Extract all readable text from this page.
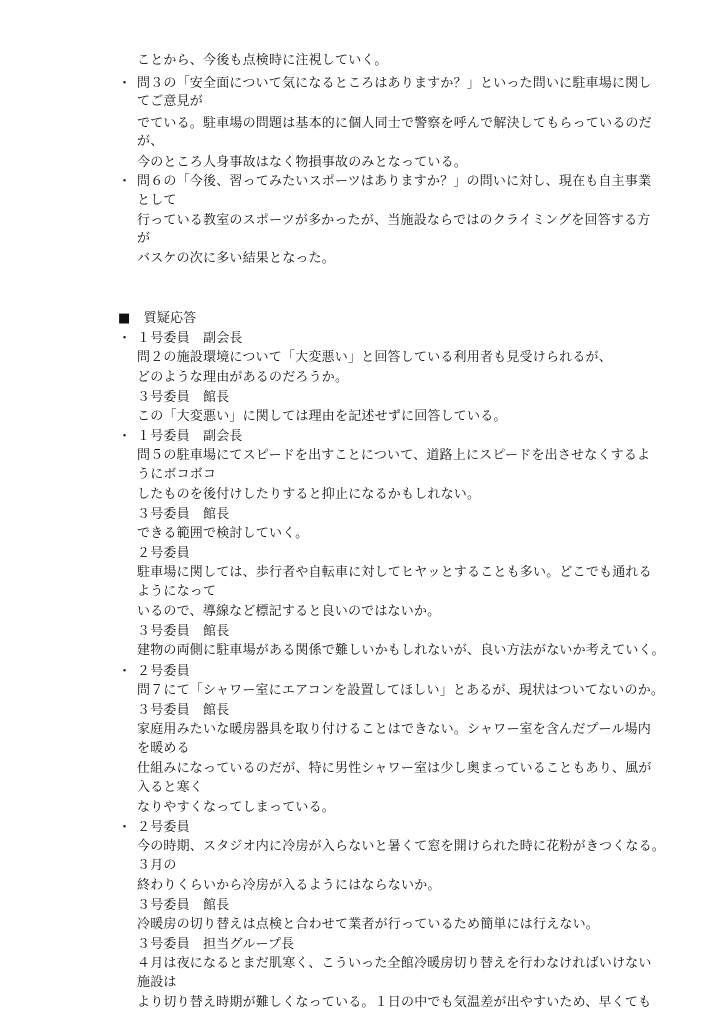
・
・
・
・
・
・
ことから、今後も点検時に注視していく。
問３の「安全面について気になるところはありますか？」といった問いに駐車場に関し
てご意見が
でている。駐車場の問題は基本的に個人同士で警察を呼んで解決してもらっているのだ
が、
今のところ人身事故はなく物損事故のみとなっている。
問６の「今後、習ってみたいスポーツはありますか？」の問いに対し、現在も自主事業
として
行っている教室のスポーツが多かったが、当施設ならではのクライミングを回答する方
が
バスケの次に多い結果となった。
■　質疑応答
１号委員　副会長
問２の施設環境について「大変悪い」と回答している利用者も見受けられるが、
どのような理由があるのだろうか。
３号委員　館長
この「大変悪い」に関しては理由を記述せずに回答している。
１号委員　副会長
問５の駐車場にてスピードを出すことについて、道路上にスピードを出させなくするよ
うにボコボコ
したものを後付けしたりすると抑止になるかもしれない。
３号委員　館長
できる範囲で検討していく。
２号委員
駐車場に関しては、歩行者や自転車に対してヒヤッとすることも多い。どこでも通れる
ようになって
いるので、導線など標記すると良いのではないか。
３号委員　館長
建物の両側に駐車場がある関係で難しいかもしれないが、良い方法がないか考えていく。
２号委員
問７にて「シャワー室にエアコンを設置してほしい」とあるが、現状はついてないのか。
３号委員　館長
家庭用みたいな暖房器具を取り付けることはできない。シャワー室を含んだプール場内
を暖める
仕組みになっているのだが、特に男性シャワー室は少し奥まっていることもあり、風が
入ると寒く
なりやすくなってしまっている。
２号委員
今の時期、スタジオ内に冷房が入らないと暑くて窓を開けられた時に花粉がきつくなる。
３月の
終わりくらいから冷房が入るようにはならないか。
３号委員　館長
冷暖房の切り替えは点検と合わせて業者が行っているため簡単には行えない。
３号委員　担当グループ長
４月は夜になるとまだ肌寒く、こういった全館冷暖房切り替えを行わなければいけない
施設は
より切り替え時期が難しくなっている。１日の中でも気温差が出やすいため、早くても
